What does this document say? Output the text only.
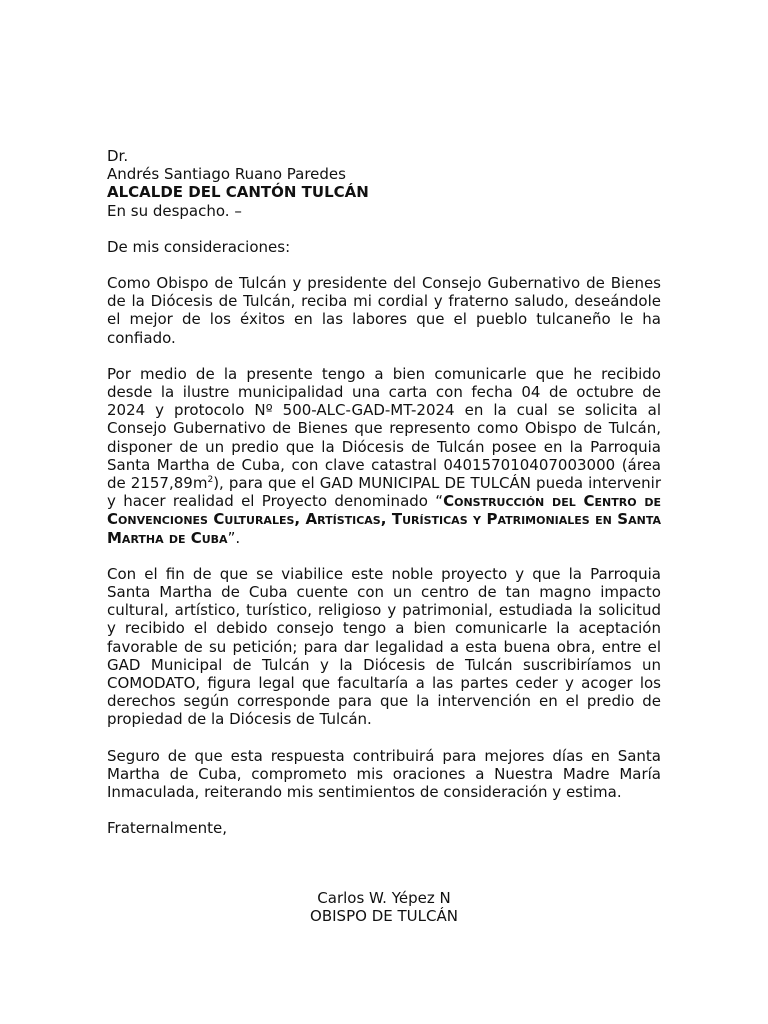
Dr.
Andrés Santiago Ruano Paredes
ALCALDE DEL CANTÓN TULCÁN
En su despacho. –
De mis consideraciones:

Como Obispo de Tulcán y presidente del Consejo Gubernativo de Bienes de la Diócesis de Tulcán, reciba mi cordial y fraterno saludo, deseándole el mejor de los éxitos en las labores que el pueblo tulcaneño le ha confiado.

Por medio de la presente tengo a bien comunicarle que he recibido desde la ilustre municipalidad una carta con fecha 04 de octubre de 2024 y protocolo Nº 500-ALC-GAD-MT-2024 en la cual se solicita al Consejo Gubernativo de Bienes que represento como Obispo de Tulcán, disponer de un predio que la Diócesis de Tulcán posee en la Parroquia Santa Martha de Cuba, con clave catastral 040157010407003000 (área de $2157,89m^2$), para que el GAD MUNICIPAL DE TULCÁN pueda intervenir y hacer realidad el Proyecto denominado “Construcción del Centro de Convenciones Culturales, Artísticas, Turísticas y Patrimoniales en Santa Martha de Cuba”.

Con el fin de que se viabilice este noble proyecto y que la Parroquia Santa Martha de Cuba cuente con un centro de tan magno impacto cultural, artístico, turístico, religioso y patrimonial, estudiada la solicitud y recibido el debido consejo tengo a bien comunicarle la aceptación favorable de su petición; para dar legalidad a esta buena obra, entre el GAD Municipal de Tulcán y la Diócesis de Tulcán suscribiríamos un COMODATO, figura legal que facultaría a las partes ceder y acoger los derechos según corresponde para que la intervención en el predio de propiedad de la Diócesis de Tulcán.

Seguro de que esta respuesta contribuirá para mejores días en Santa Martha de Cuba, comprometo mis oraciones a Nuestra Madre María Inmaculada, reiterando mis sentimientos de consideración y estima.

Fraternalmente,
Carlos W. Yépez N
OBISPO DE TULCÁN
